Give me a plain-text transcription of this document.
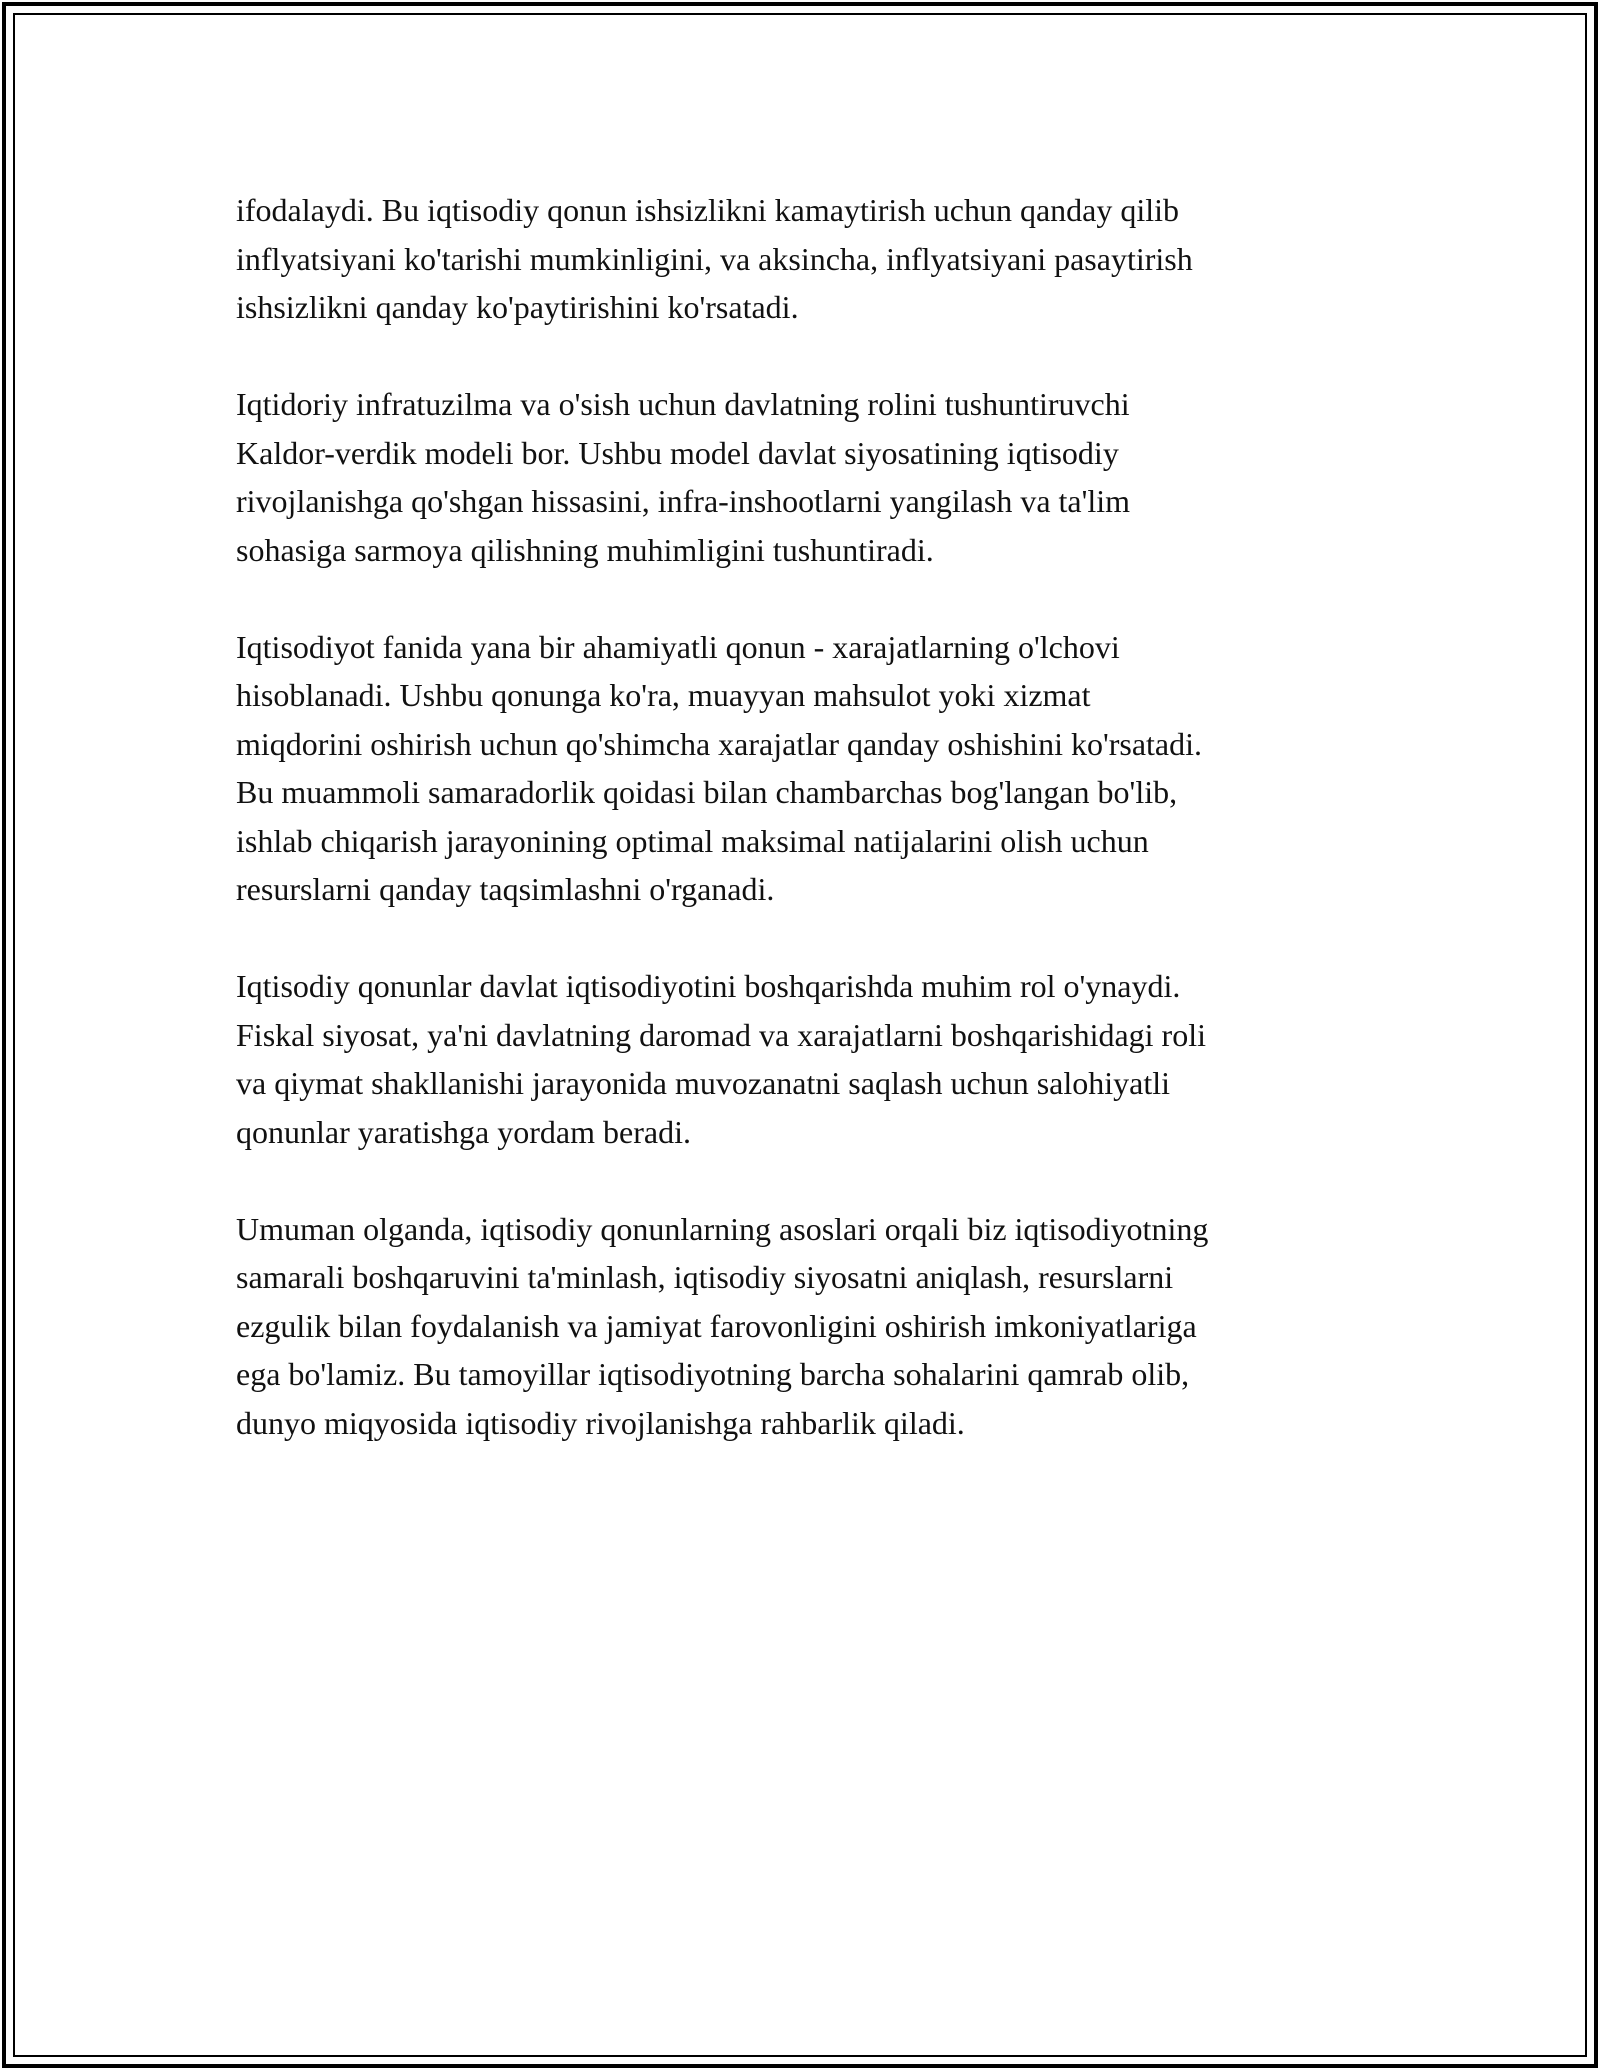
ifodalaydi. Bu iqtisodiy qonun ishsizlikni kamaytirish uchun qanday qilib
inflyatsiyani ko'tarishi mumkinligini, va aksincha, inflyatsiyani pasaytirish
ishsizlikni qanday ko'paytirishini ko'rsatadi.

Iqtidoriy infratuzilma va o'sish uchun davlatning rolini tushuntiruvchi
Kaldor-verdik modeli bor. Ushbu model davlat siyosatining iqtisodiy
rivojlanishga qo'shgan hissasini, infra-inshootlarni yangilash va ta'lim
sohasiga sarmoya qilishning muhimligini tushuntiradi.

Iqtisodiyot fanida yana bir ahamiyatli qonun - xarajatlarning o'lchovi
hisoblanadi. Ushbu qonunga ko'ra, muayyan mahsulot yoki xizmat
miqdorini oshirish uchun qo'shimcha xarajatlar qanday oshishini ko'rsatadi.
Bu muammoli samaradorlik qoidasi bilan chambarchas bog'langan bo'lib,
ishlab chiqarish jarayonining optimal maksimal natijalarini olish uchun
resurslarni qanday taqsimlashni o'rganadi.

Iqtisodiy qonunlar davlat iqtisodiyotini boshqarishda muhim rol o'ynaydi.
Fiskal siyosat, ya'ni davlatning daromad va xarajatlarni boshqarishidagi roli
va qiymat shakllanishi jarayonida muvozanatni saqlash uchun salohiyatli
qonunlar yaratishga yordam beradi.

Umuman olganda, iqtisodiy qonunlarning asoslari orqali biz iqtisodiyotning
samarali boshqaruvini ta'minlash, iqtisodiy siyosatni aniqlash, resurslarni
ezgulik bilan foydalanish va jamiyat farovonligini oshirish imkoniyatlariga
ega bo'lamiz. Bu tamoyillar iqtisodiyotning barcha sohalarini qamrab olib,
dunyo miqyosida iqtisodiy rivojlanishga rahbarlik qiladi.
